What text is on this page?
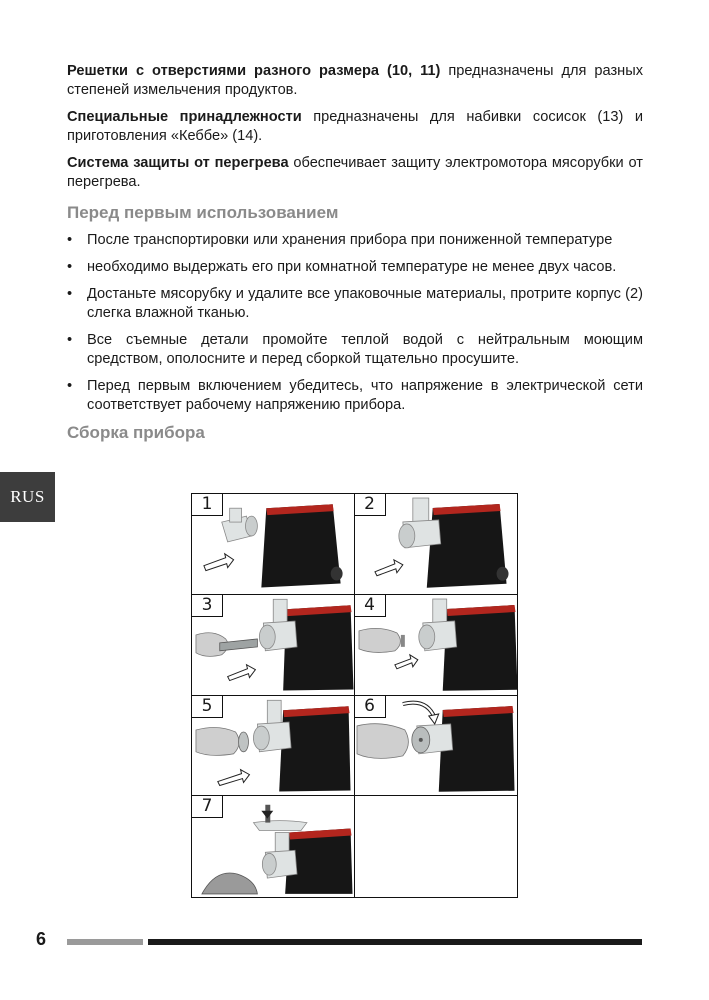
Решетки с отверстиями разного размера (10, 11) предназначены для разных степеней измельчения продуктов.

Специальные принадлежности предназначены для набивки сосисок (13) и приготовления «Кеббе» (14).

Система защиты от перегрева обеспечивает защиту электромотора мясорубки от перегрева.

Перед первым использованием
• После транспортировки или хранения прибора при пониженной температуре
• необходимо выдержать его при комнатной температуре не менее двух часов.
• Достаньте мясорубку и удалите все упаковочные материалы, протрите корпус (2) слегка влажной тканью.
• Все съемные детали промойте теплой водой с нейтральным моющим средством, ополосните и перед сборкой тщательно просушите.
• Перед первым включением убедитесь, что напряжение в электрической сети соответствует рабочему напряжению прибора.
Сборка прибора
RUS	1	2
3	4
5	6
7
6
